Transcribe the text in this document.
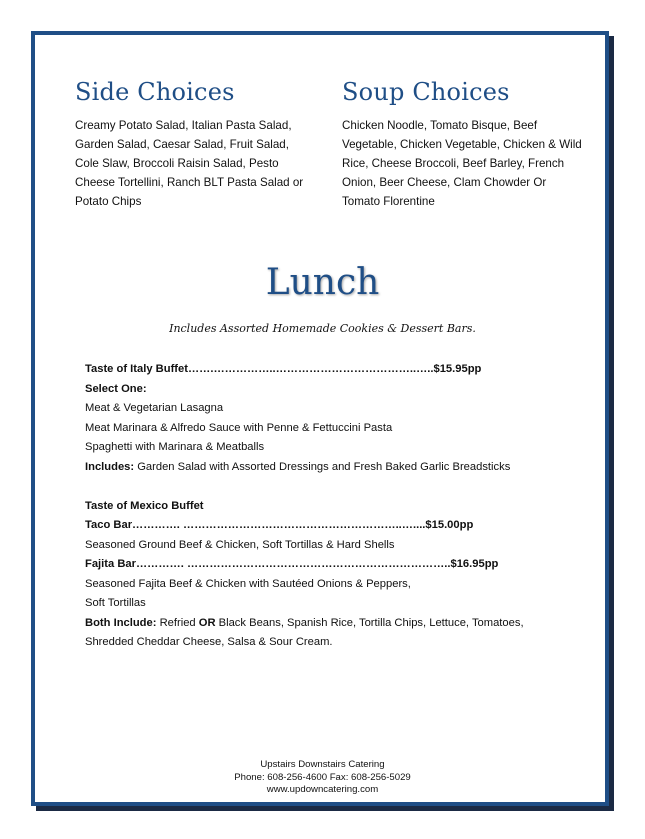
Side Choices

Creamy Potato Salad, Italian Pasta Salad, Garden Salad, Caesar Salad, Fruit Salad, Cole Slaw, Broccoli Raisin Salad, Pesto Cheese Tortellini, Ranch BLT Pasta Salad or Potato Chips

Soup Choices

Chicken Noodle, Tomato Bisque, Beef Vegetable, Chicken Vegetable, Chicken & Wild Rice, Cheese Broccoli, Beef Barley, French Onion, Beer Cheese, Clam Chowder Or Tomato Florentine

Lunch
Includes Assorted Homemade Cookies & Dessert Bars.
Taste of Italy Buffet…….……………..………………………………..…..$15.95pp
Select One:
Meat & Vegetarian Lasagna
Meat Marinara & Alfredo Sauce with Penne & Fettuccini Pasta
Spaghetti with Marinara & Meatballs
Includes: Garden Salad with Assorted Dressings and Fresh Baked Garlic Breadsticks
Taste of Mexico Buffet
Taco Bar…………. …………………………………………………..…....$15.00pp
Seasoned Ground Beef & Chicken, Soft Tortillas & Hard Shells
Fajita Bar…………. ……………………………………………………………..$16.95pp
Seasoned Fajita Beef & Chicken with Sautéed Onions & Peppers,
Soft Tortillas
Both Include: Refried OR Black Beans, Spanish Rice, Tortilla Chips, Lettuce, Tomatoes,
Shredded Cheddar Cheese, Salsa & Sour Cream.
Upstairs Downstairs Catering
Phone: 608-256-4600 Fax: 608-256-5029
www.updowncatering.com
